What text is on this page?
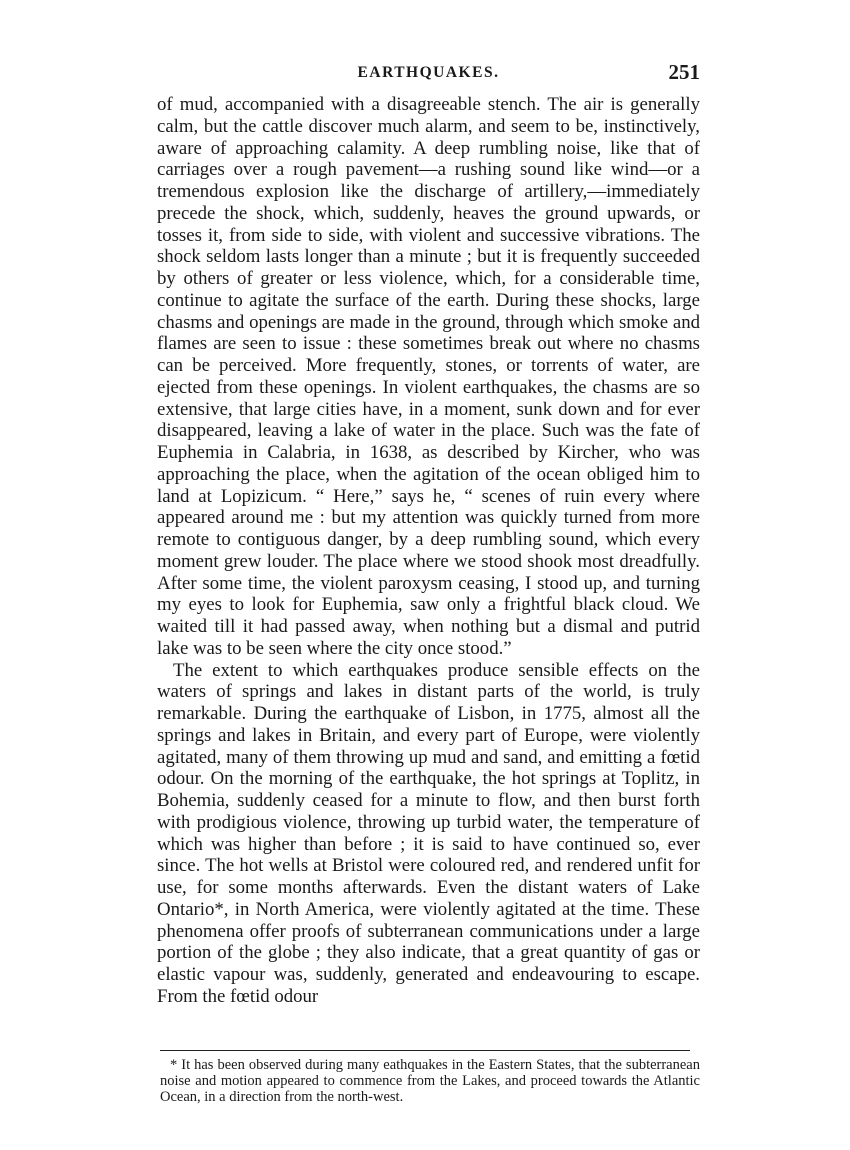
EARTHQUAKES.	251

of mud, accompanied with a disagreeable stench. The air is generally calm, but the cattle discover much alarm, and seem to be, instinctively, aware of approaching calamity. A deep rumbling noise, like that of carriages over a rough pavement—a rushing sound like wind—or a tremendous explosion like the discharge of artillery,—immediately precede the shock, which, suddenly, heaves the ground upwards, or tosses it, from side to side, with violent and successive vibrations. The shock seldom lasts longer than a minute ; but it is frequently succeeded by others of greater or less violence, which, for a considerable time, continue to agitate the surface of the earth. During these shocks, large chasms and openings are made in the ground, through which smoke and flames are seen to issue : these sometimes break out where no chasms can be perceived. More frequently, stones, or torrents of water, are ejected from these openings. In violent earthquakes, the chasms are so extensive, that large cities have, in a moment, sunk down and for ever disappeared, leaving a lake of water in the place. Such was the fate of Euphemia in Calabria, in 1638, as described by Kircher, who was approaching the place, when the agitation of the ocean obliged him to land at Lopizicum. “ Here,” says he, “ scenes of ruin every where appeared around me : but my attention was quickly turned from more remote to contiguous danger, by a deep rumbling sound, which every moment grew louder. The place where we stood shook most dreadfully. After some time, the violent paroxysm ceasing, I stood up, and turning my eyes to look for Euphemia, saw only a frightful black cloud. We waited till it had passed away, when nothing but a dismal and putrid lake was to be seen where the city once stood.”

The extent to which earthquakes produce sensible effects on the waters of springs and lakes in distant parts of the world, is truly remarkable. During the earthquake of Lisbon, in 1775, almost all the springs and lakes in Britain, and every part of Europe, were violently agitated, many of them throwing up mud and sand, and emitting a fœtid odour. On the morning of the earthquake, the hot springs at Toplitz, in Bohemia, suddenly ceased for a minute to flow, and then burst forth with prodigious violence, throwing up turbid water, the temperature of which was higher than before ; it is said to have continued so, ever since. The hot wells at Bristol were coloured red, and rendered unfit for use, for some months afterwards. Even the distant waters of Lake Ontario*, in North America, were violently agitated at the time. These phenomena offer proofs of subterranean communications under a large portion of the globe ; they also indicate, that a great quantity of gas or elastic vapour was, suddenly, generated and endeavouring to escape. From the fœtid odour

* It has been observed during many eathquakes in the Eastern States, that the subterranean noise and motion appeared to commence from the Lakes, and proceed towards the Atlantic Ocean, in a direction from the north-west.
